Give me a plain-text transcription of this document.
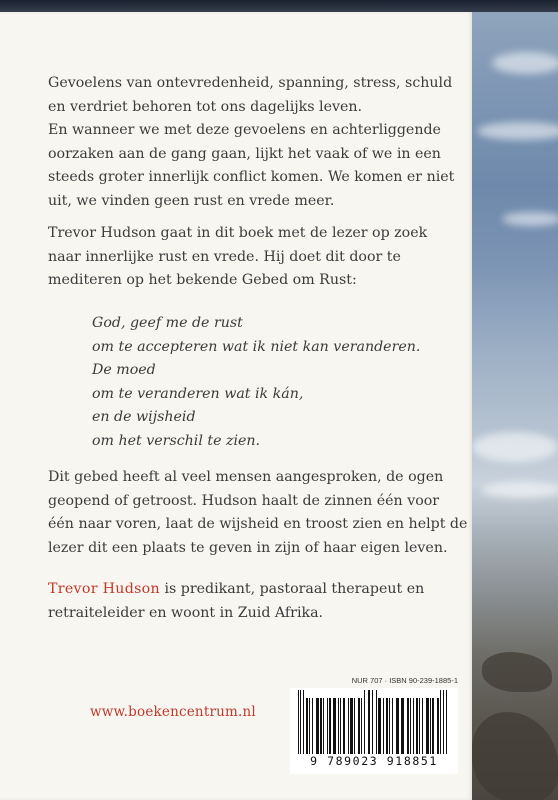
Gevoelens van ontevredenheid, spanning, stress, schuld
en verdriet behoren tot ons dagelijks leven.
En wanneer we met deze gevoelens en achterliggende
oorzaken aan de gang gaan, lijkt het vaak of we in een
steeds groter innerlijk conflict komen. We komen er niet
uit, we vinden geen rust en vrede meer.
Trevor Hudson gaat in dit boek met de lezer op zoek
naar innerlijke rust en vrede. Hij doet dit door te
mediteren op het bekende Gebed om Rust:
God, geef me de rust
om te accepteren wat ik niet kan veranderen.
De moed
om te veranderen wat ik kán,
en de wijsheid
om het verschil te zien.
Dit gebed heeft al veel mensen aangesproken, de ogen
geopend of getroost. Hudson haalt de zinnen één voor
één naar voren, laat de wijsheid en troost zien en helpt de
lezer dit een plaats te geven in zijn of haar eigen leven.
Trevor Hudson is predikant, pastoraal therapeut en
retraiteleider en woont in Zuid Afrika.
www.boekencentrum.nl
NUR 707 · ISBN 90-239-1885-1
9 789023 918851
